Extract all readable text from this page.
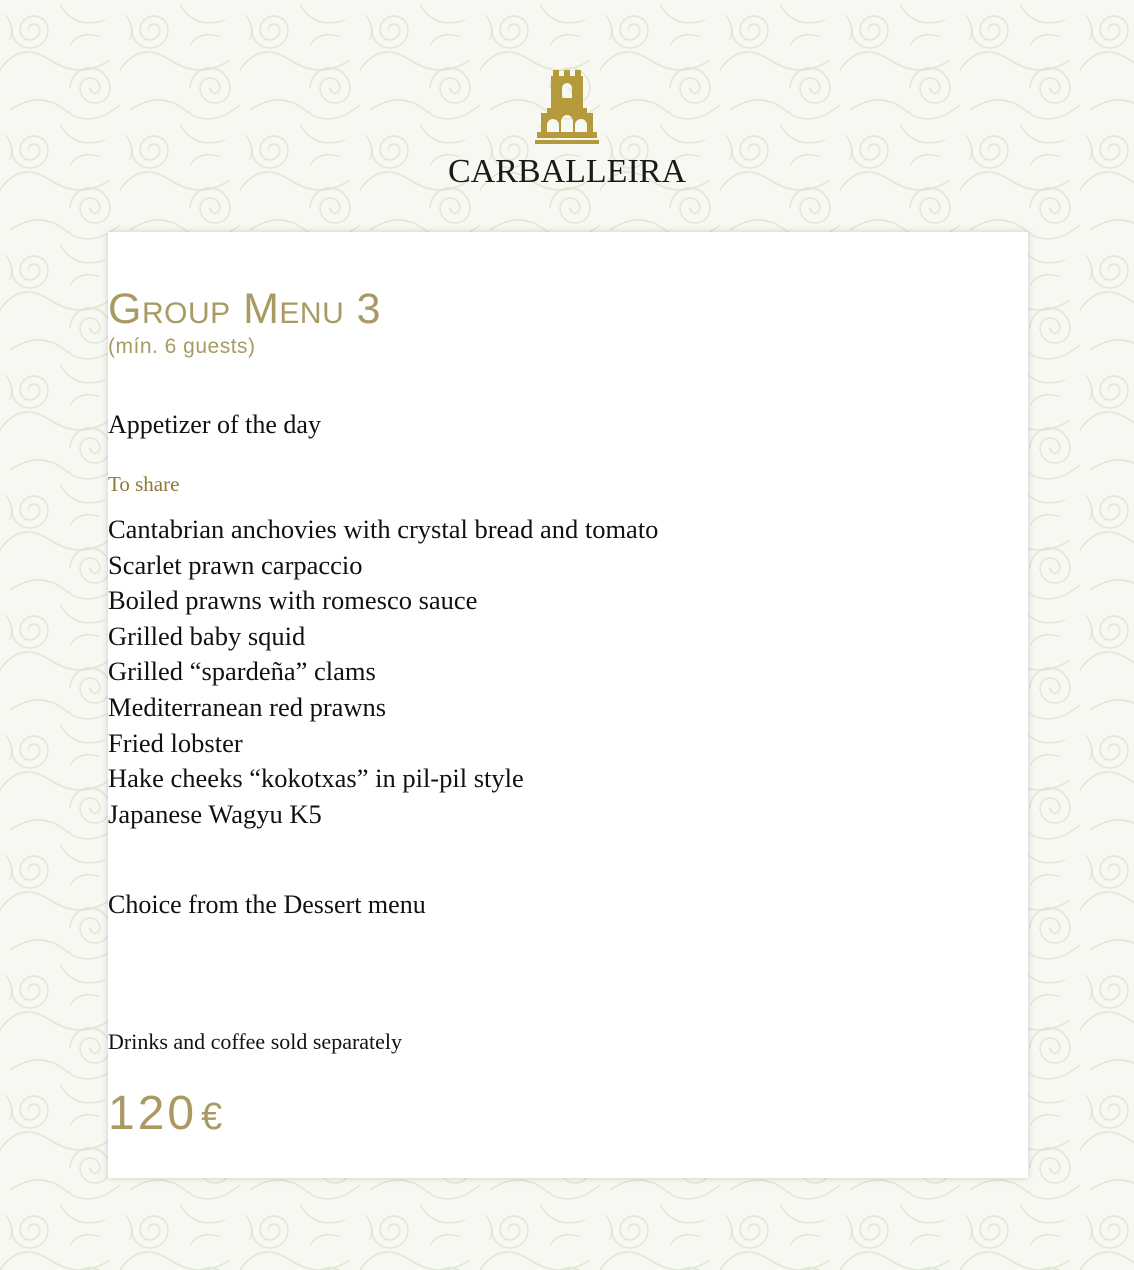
CARBALLEIRA
Group Menu 3
(mín. 6 guests)
Appetizer of the day
To share
Cantabrian anchovies with crystal bread and tomato
Scarlet prawn carpaccio
Boiled prawns with romesco sauce
Grilled baby squid
Grilled “spardeña” clams
Mediterranean red prawns
Fried lobster
Hake cheeks “kokotxas” in pil-pil style
Japanese Wagyu K5
Choice from the Dessert menu
Drinks and coffee sold separately
120 €
